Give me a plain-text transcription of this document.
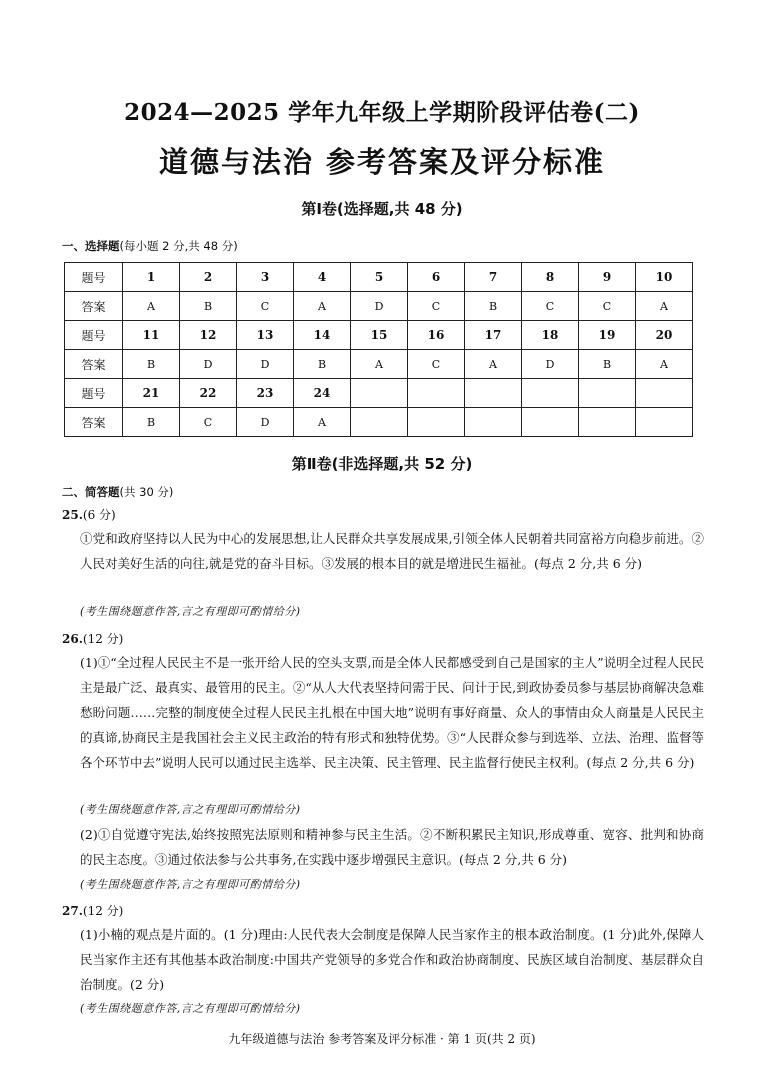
2024—2025 学年九年级上学期阶段评估卷(二)
道德与法治 参考答案及评分标准
第Ⅰ卷(选择题,共 48 分)
一、选择题(每小题 2 分,共 48 分)
题号	1	2	3	4	5	6	7	8	9	10
答案	A	B	C	A	D	C	B	C	C	A
题号	11	12	13	14	15	16	17	18	19	20
答案	B	D	D	B	A	C	A	D	B	A
题号	21	22	23	24						
答案	B	C	D	A						
第Ⅱ卷(非选择题,共 52 分)
二、简答题(共 30 分)
25.(6 分)
①党和政府坚持以人民为中心的发展思想,让人民群众共享发展成果,引领全体人民朝着共同富裕方向稳步前进。②人民对美好生活的向往,就是党的奋斗目标。③发展的根本目的就是增进民生福祉。(每点 2 分,共 6 分)
(考生围绕题意作答,言之有理即可酌情给分)
26.(12 分)
(1)①“全过程人民民主不是一张开给人民的空头支票,而是全体人民都感受到自己是国家的主人”说明全过程人民民主是最广泛、最真实、最管用的民主。②“从人大代表坚持问需于民、问计于民,到政协委员参与基层协商解决急难愁盼问题……完整的制度使全过程人民民主扎根在中国大地”说明有事好商量、众人的事情由众人商量是人民民主的真谛,协商民主是我国社会主义民主政治的特有形式和独特优势。③“人民群众参与到选举、立法、治理、监督等各个环节中去”说明人民可以通过民主选举、民主决策、民主管理、民主监督行使民主权利。(每点 2 分,共 6 分)
(考生围绕题意作答,言之有理即可酌情给分)
(2)①自觉遵守宪法,始终按照宪法原则和精神参与民主生活。②不断积累民主知识,形成尊重、宽容、批判和协商的民主态度。③通过依法参与公共事务,在实践中逐步增强民主意识。(每点 2 分,共 6 分)
(考生围绕题意作答,言之有理即可酌情给分)
27.(12 分)
(1)小楠的观点是片面的。(1 分)理由:人民代表大会制度是保障人民当家作主的根本政治制度。(1 分)此外,保障人民当家作主还有其他基本政治制度:中国共产党领导的多党合作和政治协商制度、民族区域自治制度、基层群众自治制度。(2 分)
(考生围绕题意作答,言之有理即可酌情给分)
九年级道德与法治 参考答案及评分标准 · 第 1 页(共 2 页)
